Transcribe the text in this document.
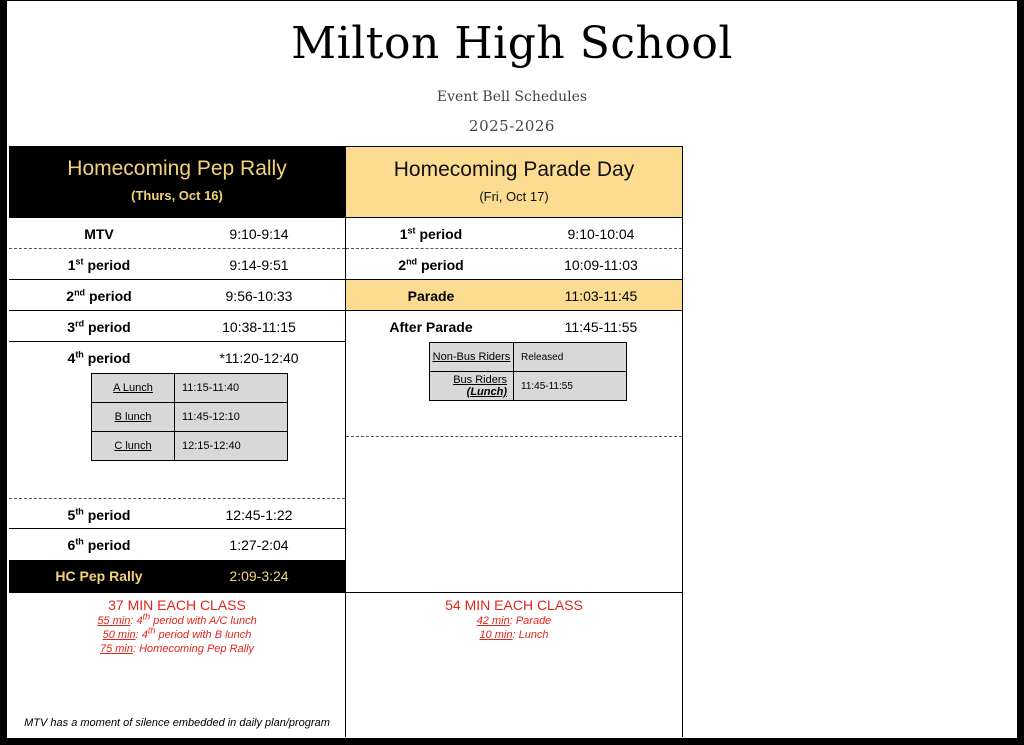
Milton High School
Event Bell Schedules
2025-2026
Homecoming Pep Rally
(Thurs, Oct 16)
MTV	9:10-9:14
1st period	9:14-9:51
2nd period	9:56-10:33
3rd period	10:38-11:15
4th period	*11:20-12:40
A Lunch	11:15-11:40
B lunch	11:45-12:10
C lunch	12:15-12:40
5th period	12:45-1:22
6th period	1:27-2:04
HC Pep Rally	2:09-3:24
37 MIN EACH CLASS
55 min: 4th period with A/C lunch
50 min: 4th period with B lunch
75 min: Homecoming Pep Rally
MTV has a moment of silence embedded in daily plan/program
Homecoming Parade Day
(Fri, Oct 17)
1st period	9:10-10:04
2nd period	10:09-11:03
Parade	11:03-11:45
After Parade	11:45-11:55
Non-Bus Riders	Released
Bus Riders
(Lunch)	11:45-11:55
54 MIN EACH CLASS
42 min: Parade
10 min: Lunch
